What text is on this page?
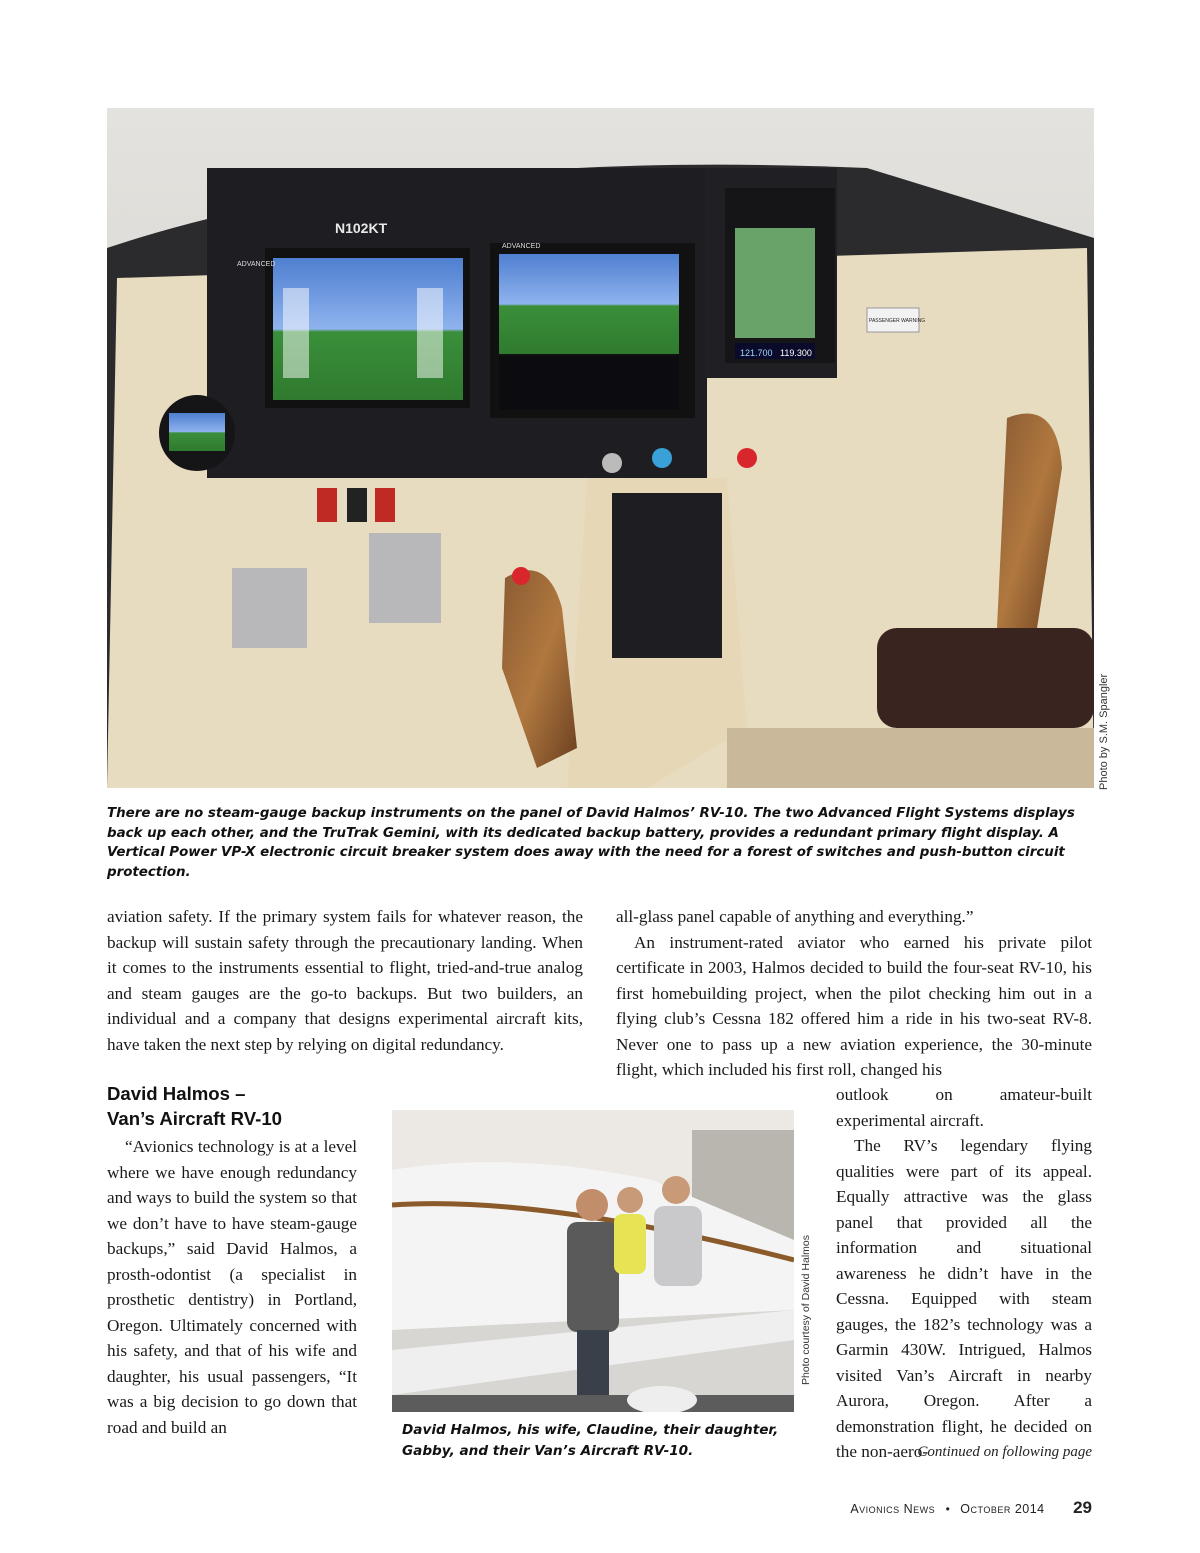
121.700 119.300
N102KT
ADVANCED
ADVANCED
PASSENGER WARNING
Photo by S.M. Spangler
There are no steam-gauge backup instruments on the panel of David Halmos’ RV-10. The two Advanced Flight Systems displays back up each other, and the TruTrak Gemini, with its dedicated backup battery, provides a redundant primary flight display. A Vertical Power VP-X electronic circuit breaker system does away with the need for a forest of switches and push-button circuit protection.

aviation safety. If the primary system fails for whatever reason, the backup will sustain safety through the precautionary landing. When it comes to the instruments essential to flight, tried-and-true analog and steam gauges are the go-to backups. But two builders, an individual and a company that designs experimental aircraft kits, have taken the next step by relying on digital redundancy.

all-glass panel capable of anything and everything.”

An instrument-rated aviator who earned his private pilot certificate in 2003, Halmos decided to build the four-seat RV-10, his first homebuilding project, when the pilot checking him out in a flying club’s Cessna 182 offered him a ride in his two-seat RV-8. Never one to pass up a new aviation experience, the 30-minute flight, which included his first roll, changed his

David Halmos –
Van’s Aircraft RV-10

“Avionics technology is at a level where we have enough redundancy and ways to build the system so that we don’t have to have steam-gauge backups,” said David Halmos, a prosth-odontist (a specialist in prosthetic dentistry) in Portland, Oregon. Ultimately concerned with his safety, and that of his wife and daughter, his usual passengers, “It was a big decision to go down that road and build an

outlook on amateur-built experimental aircraft.

The RV’s legendary flying qualities were part of its appeal. Equally attractive was the glass panel that provided all the information and situational awareness he didn’t have in the Cessna. Equipped with steam gauges, the 182’s technology was a Garmin 430W. Intrigued, Halmos visited Van’s Aircraft in nearby Aurora, Oregon. After a demonstration flight, he decided on the non-aero-

Photo courtesy of David Halmos
David Halmos, his wife, Claudine, their daughter,
Gabby, and their Van’s Aircraft RV-10.	Continued on following page
Avionics News • October 2014 29
